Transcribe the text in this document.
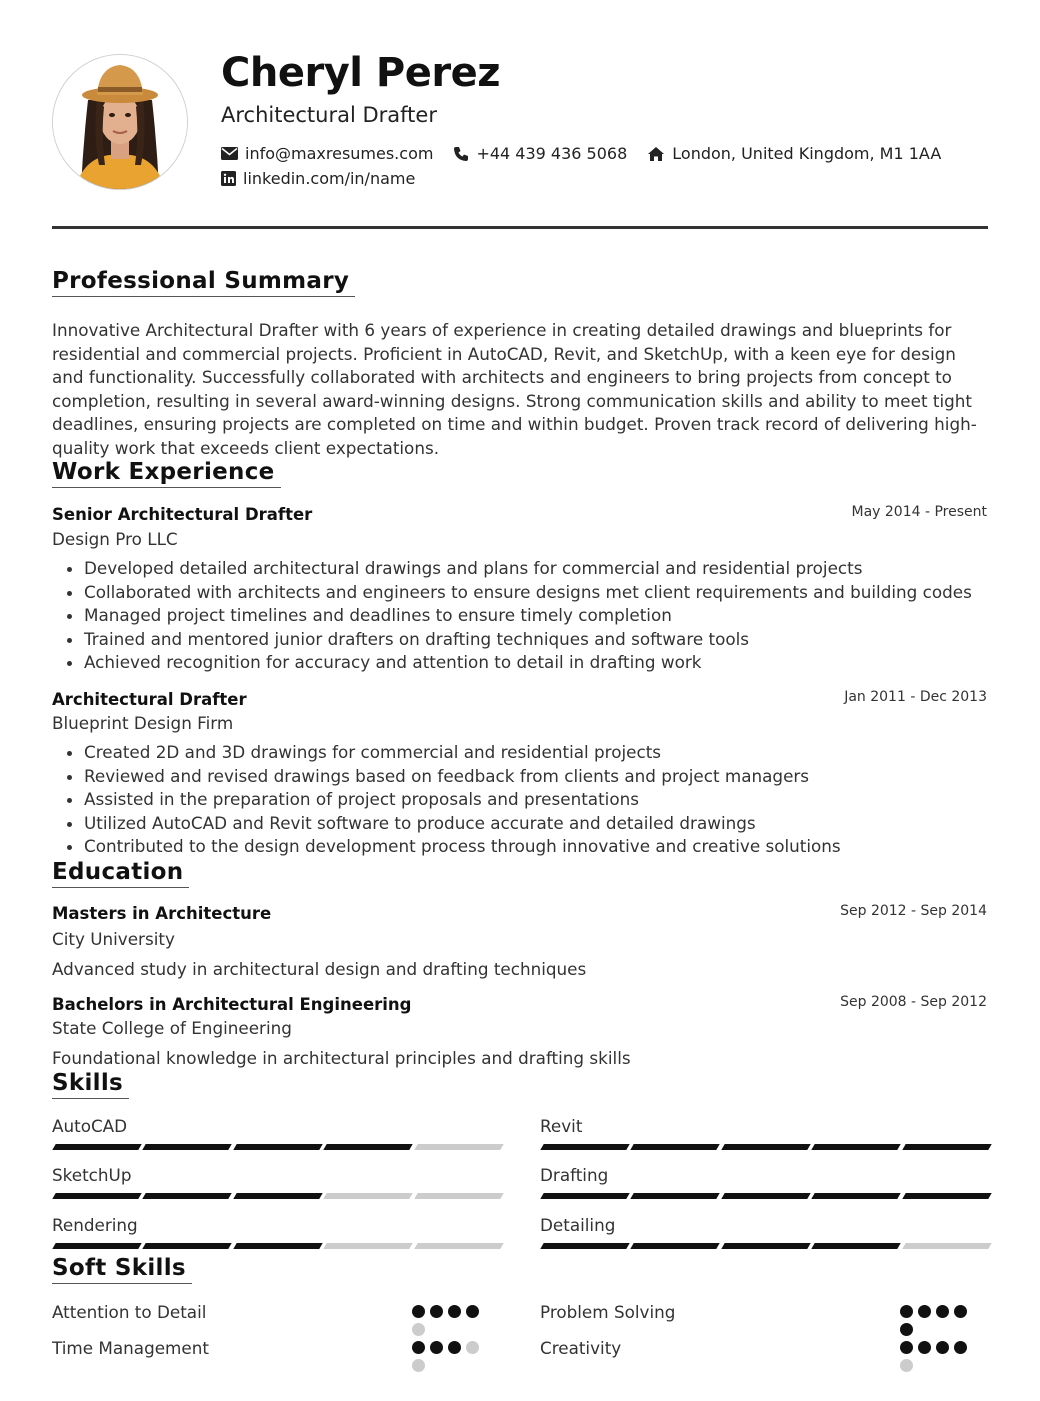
Cheryl Perez
Architectural Drafter
info@maxresumes.com	+44 439 436 5068	London, United Kingdom, M1 1AA
linkedin.com/in/name
Professional Summary
Innovative Architectural Drafter with 6 years of experience in creating detailed drawings and blueprints for residential and commercial projects. Proficient in AutoCAD, Revit, and SketchUp, with a keen eye for design and functionality. Successfully collaborated with architects and engineers to bring projects from concept to completion, resulting in several award-winning designs. Strong communication skills and ability to meet tight deadlines, ensuring projects are completed on time and within budget. Proven track record of delivering high-quality work that exceeds client expectations.
Work Experience
Senior Architectural Drafter	May 2014 - Present
Design Pro LLC
• Developed detailed architectural drawings and plans for commercial and residential projects
• Collaborated with architects and engineers to ensure designs met client requirements and building codes
• Managed project timelines and deadlines to ensure timely completion
• Trained and mentored junior drafters on drafting techniques and software tools
• Achieved recognition for accuracy and attention to detail in drafting work
Architectural Drafter	Jan 2011 - Dec 2013
Blueprint Design Firm
• Created 2D and 3D drawings for commercial and residential projects
• Reviewed and revised drawings based on feedback from clients and project managers
• Assisted in the preparation of project proposals and presentations
• Utilized AutoCAD and Revit software to produce accurate and detailed drawings
• Contributed to the design development process through innovative and creative solutions
Education
Masters in Architecture	Sep 2012 - Sep 2014
City University
Advanced study in architectural design and drafting techniques
Bachelors in Architectural Engineering	Sep 2008 - Sep 2012
State College of Engineering
Foundational knowledge in architectural principles and drafting skills
Skills
AutoCAD	Revit
SketchUp	Drafting
Rendering	Detailing
Soft Skills
Attention to Detail	Problem Solving
Time Management	Creativity
